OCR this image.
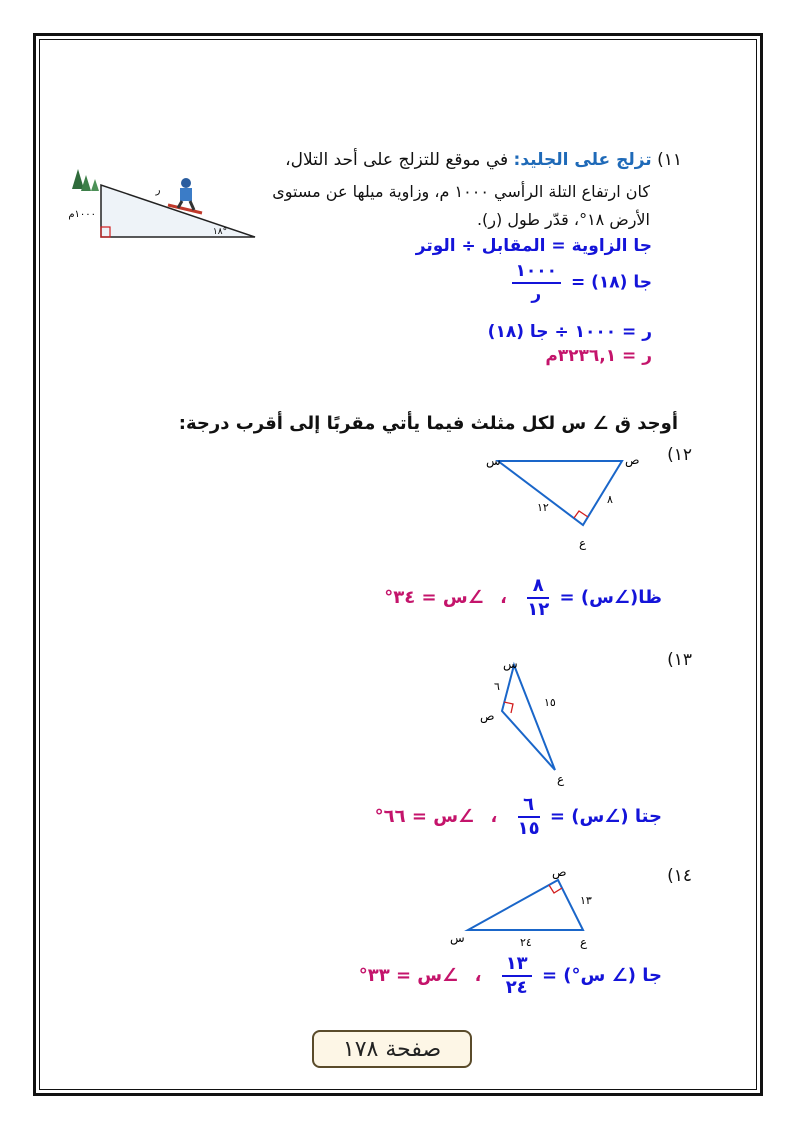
١١) تزلج على الجليد: في موقع للتزلج على أحد التلال،
كان ارتفاع التلة الرأسي ١٠٠٠ م، وزاوية ميلها عن مستوى
الأرض ١٨°، قدّر طول (ر).
ر
١٠٠٠م
١٨°
جا الزاوية = المقابل ÷ الوتر
جا (١٨) =
$\frac{١٠٠٠}{\text{ر}}$
ر = ١٠٠٠ ÷ جا (١٨)
ر = ٣٢٣٦,١م
أوجد ق ∠ س لكل مثلث فيما يأتي مقربًا إلى أقرب درجة:
١٢)
س	ص
ع
١٢
٨
ظا(∠س) =
$\frac{٨}{١٢}$
، ∠س = ٣٤°
١٣)
س
ص
ع
٦
١٥
جتا (∠س) =
$\frac{٦}{١٥}$
، ∠س = ٦٦°
١٤)
س
ص
ع
١٣
٢٤
جا (∠ س°) =
$\frac{١٣}{٢٤}$
، ∠س = ٣٣°
صفحة ١٧٨
